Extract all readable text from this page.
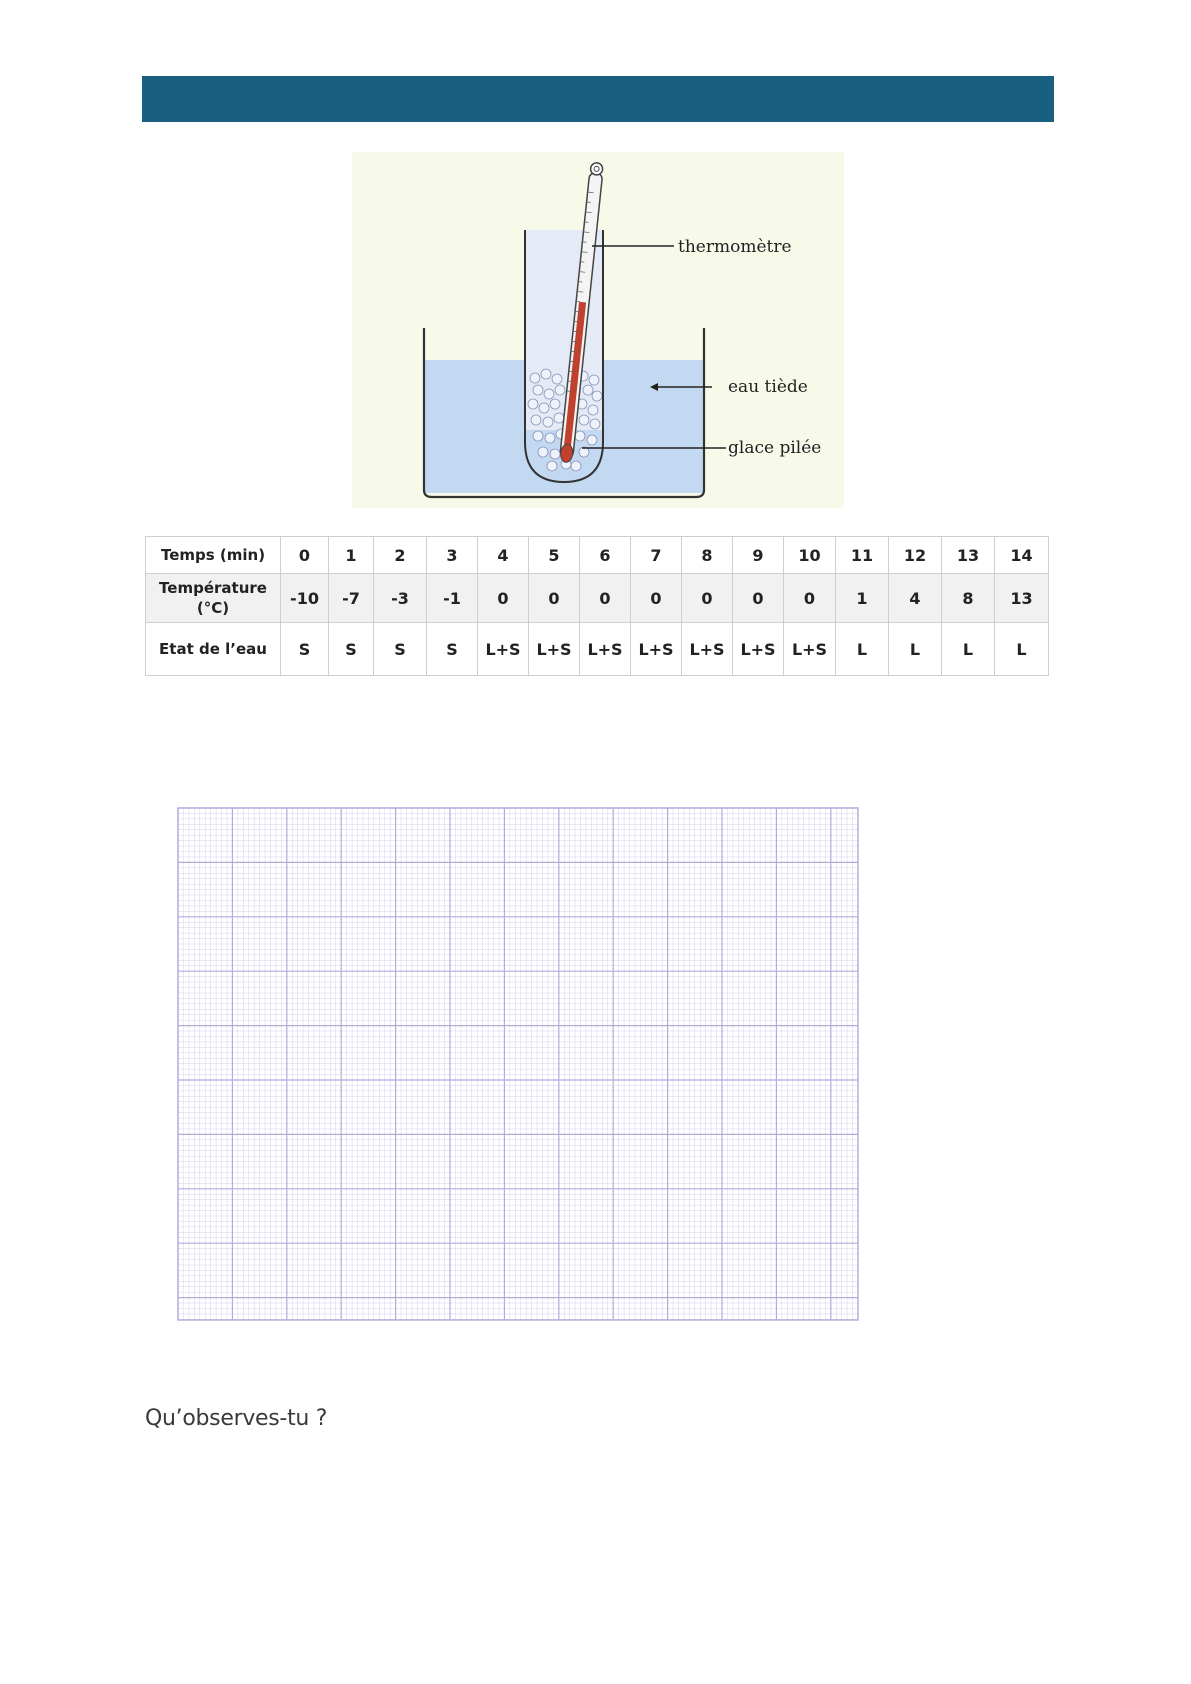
thermomètre
eau tiède
glace pilée
Temps (min)	0	1	2	3	4	5	6	7	8	9	10	11	12	13	14
Température
(°C)	-10	-7	-3	-1	0	0	0	0	0	0	0	1	4	8	13
Etat de l’eau	S	S	S	S	L+S	L+S	L+S	L+S	L+S	L+S	L+S	L	L	L	L
Qu’observes-tu ?
